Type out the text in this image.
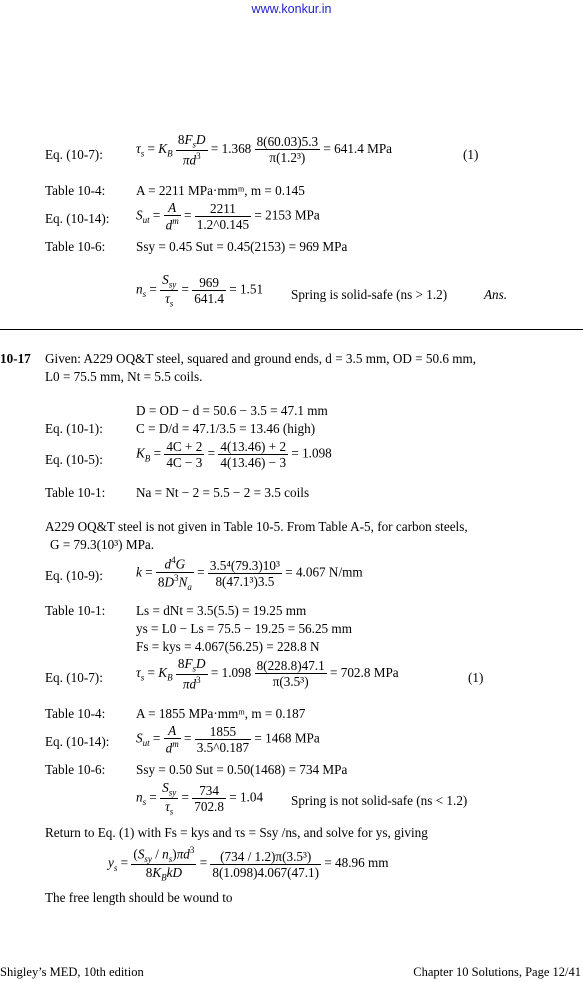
www.konkur.in
Eq. (10-7):	$\tau_s = K_B \frac{8F_sD}{\pi d^3} = 1.368 \frac{8(60.03)5.3}{\text{π(1.2³)}} = 641.4$ MPa	(1)
Table 10-4: A = 2211 MPa·mmᵐ, m = 0.145
Eq. (10-14): $S_{ut} = \frac{A}{d^m} = \frac{2211}{1.2\^{}0.145} = 2153$ MPa
Table 10-6: Ssy = 0.45 Sut = 0.45(2153) = 969 MPa
$n_s = \frac{S_{sy}}{\tau_s} = \frac{969}{641.4} = 1.51$ Spring is solid-safe (ns > 1.2)	Ans.
10-17 Given: A229 OQ&T steel, squared and ground ends, d = 3.5 mm, OD = 50.6 mm,
L0 = 75.5 mm, Nt = 5.5 coils.
D = OD − d = 50.6 − 3.5 = 47.1 mm
Eq. (10-1):	C = D/d = 47.1/3.5 = 13.46 (high)
Eq. (10-5):	$K_B = \frac{4C + 2}{4C - 3} = \frac{4(13.46) + 2}{4(13.46) - 3} = 1.098$
Table 10-1: Na = Nt − 2 = 5.5 − 2 = 3.5 coils
A229 OQ&T steel is not given in Table 10-5. From Table A-5, for carbon steels,
G = 79.3(10³) MPa.
Eq. (10-9):	$k = \frac{d^4G}{8D^3N_a} = \frac{\text{3.5⁴(79.3)10³}}{\text{8(47.1³)3.5}} = 4.067$ N/mm
Table 10-1: Ls = dNt = 3.5(5.5) = 19.25 mm
ys = L0 − Ls = 75.5 − 19.25 = 56.25 mm
Fs = kys = 4.067(56.25) = 228.8 N
Eq. (10-7):	$\tau_s = K_B \frac{8F_sD}{\pi d^3} = 1.098 \frac{8(228.8)47.1}{\text{π(3.5³)}} = 702.8$ MPa	(1)
Table 10-4: A = 1855 MPa·mmᵐ, m = 0.187
Eq. (10-14): $S_{ut} = \frac{A}{d^m} = \frac{1855}{3.5\^{}0.187} = 1468$ MPa
Table 10-6: Ssy = 0.50 Sut = 0.50(1468) = 734 MPa
$n_s = \frac{S_{sy}}{\tau_s} = \frac{734}{702.8} = 1.04$ Spring is not solid-safe (ns < 1.2)
Return to Eq. (1) with Fs = kys and τs = Ssy /ns, and solve for ys, giving
$y_s = \frac{(S_{sy} / n_s)\pi d^3}{8K_BkD} = \frac{\text{(734 / 1.2)π(3.5³)}}{8(1.098)4.067(47.1)} = 48.96$ mm
The free length should be wound to
Shigley’s MED, 10th edition	Chapter 10 Solutions, Page 12/41
